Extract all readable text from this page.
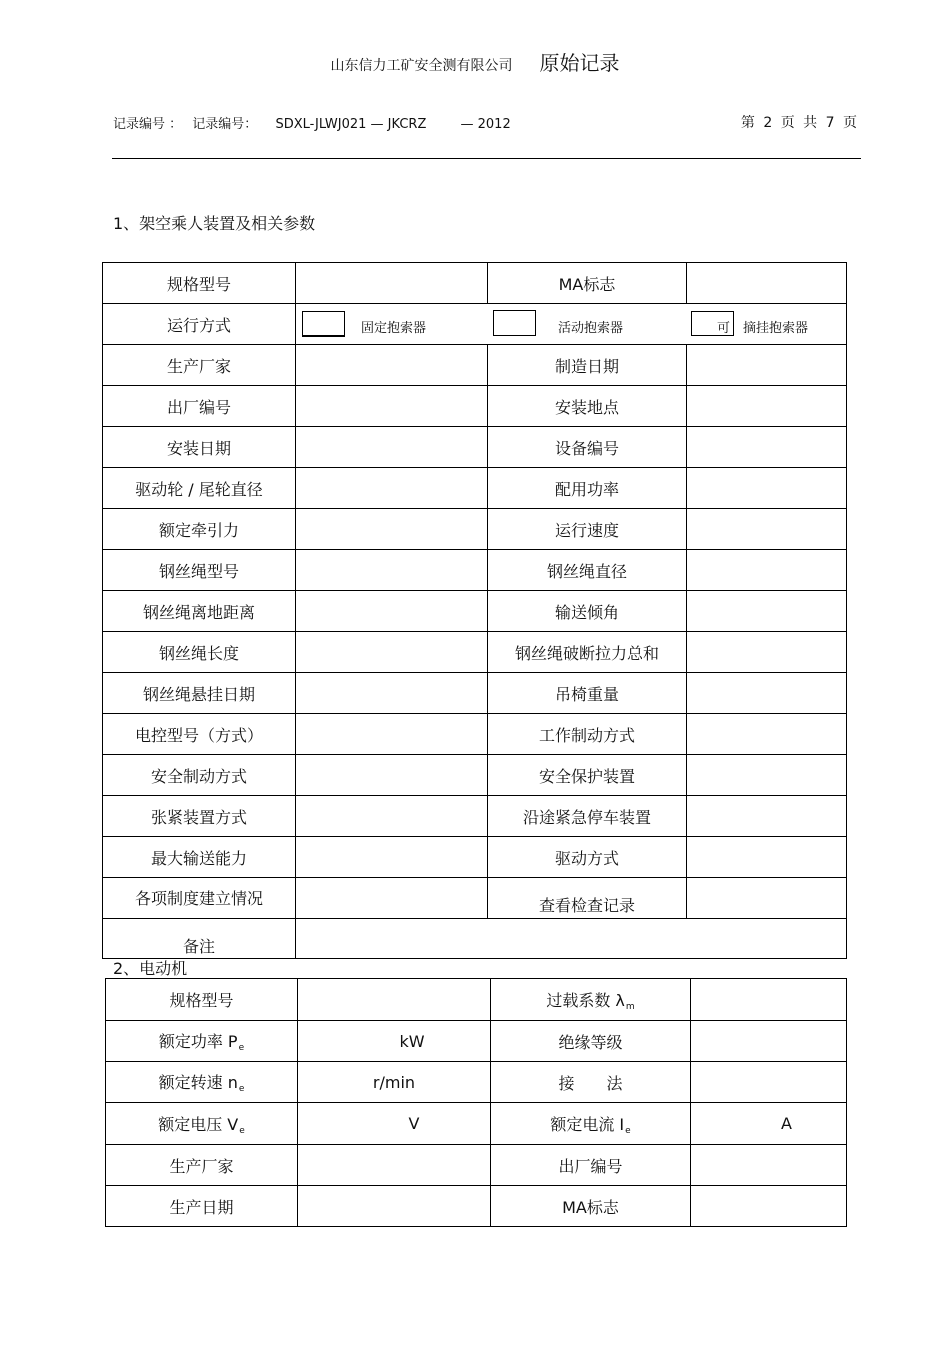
山东信力工矿安全测有限公司 原始记录
记录编号 ： 记录编号： SDXL-JLWJ021 — JKCRZ	— 2012	第 2 页 共 7 页
1、架空乘人装置及相关参数
规格型号		MA标志	
运行方式	固定抱索器 活动抱索器 可 摘挂抱索器		

生产厂家		制造日期	
出厂编号		安装地点	
安装日期		设备编号	
驱动轮 / 尾轮直径		配用功率	
额定牵引力		运行速度	
钢丝绳型号		钢丝绳直径	
钢丝绳离地距离		输送倾角	
钢丝绳长度		钢丝绳破断拉力总和	
钢丝绳悬挂日期		吊椅重量	
电控型号（方式）		工作制动方式	
安全制动方式		安全保护装置	
张紧装置方式		沿途紧急停车装置	
最大输送能力		驱动方式	
各项制度建立情况		查看检查记录	
备注			
2、电动机
规格型号		过载系数 $\lambda_m$	
额定功率 $P_e$	kW	绝缘等级	
额定转速 $n_e$	r/min	接　　法	
额定电压 $V_e$	V	额定电流 $I_e$	A
生产厂家		出厂编号	
生产日期		MA标志	
